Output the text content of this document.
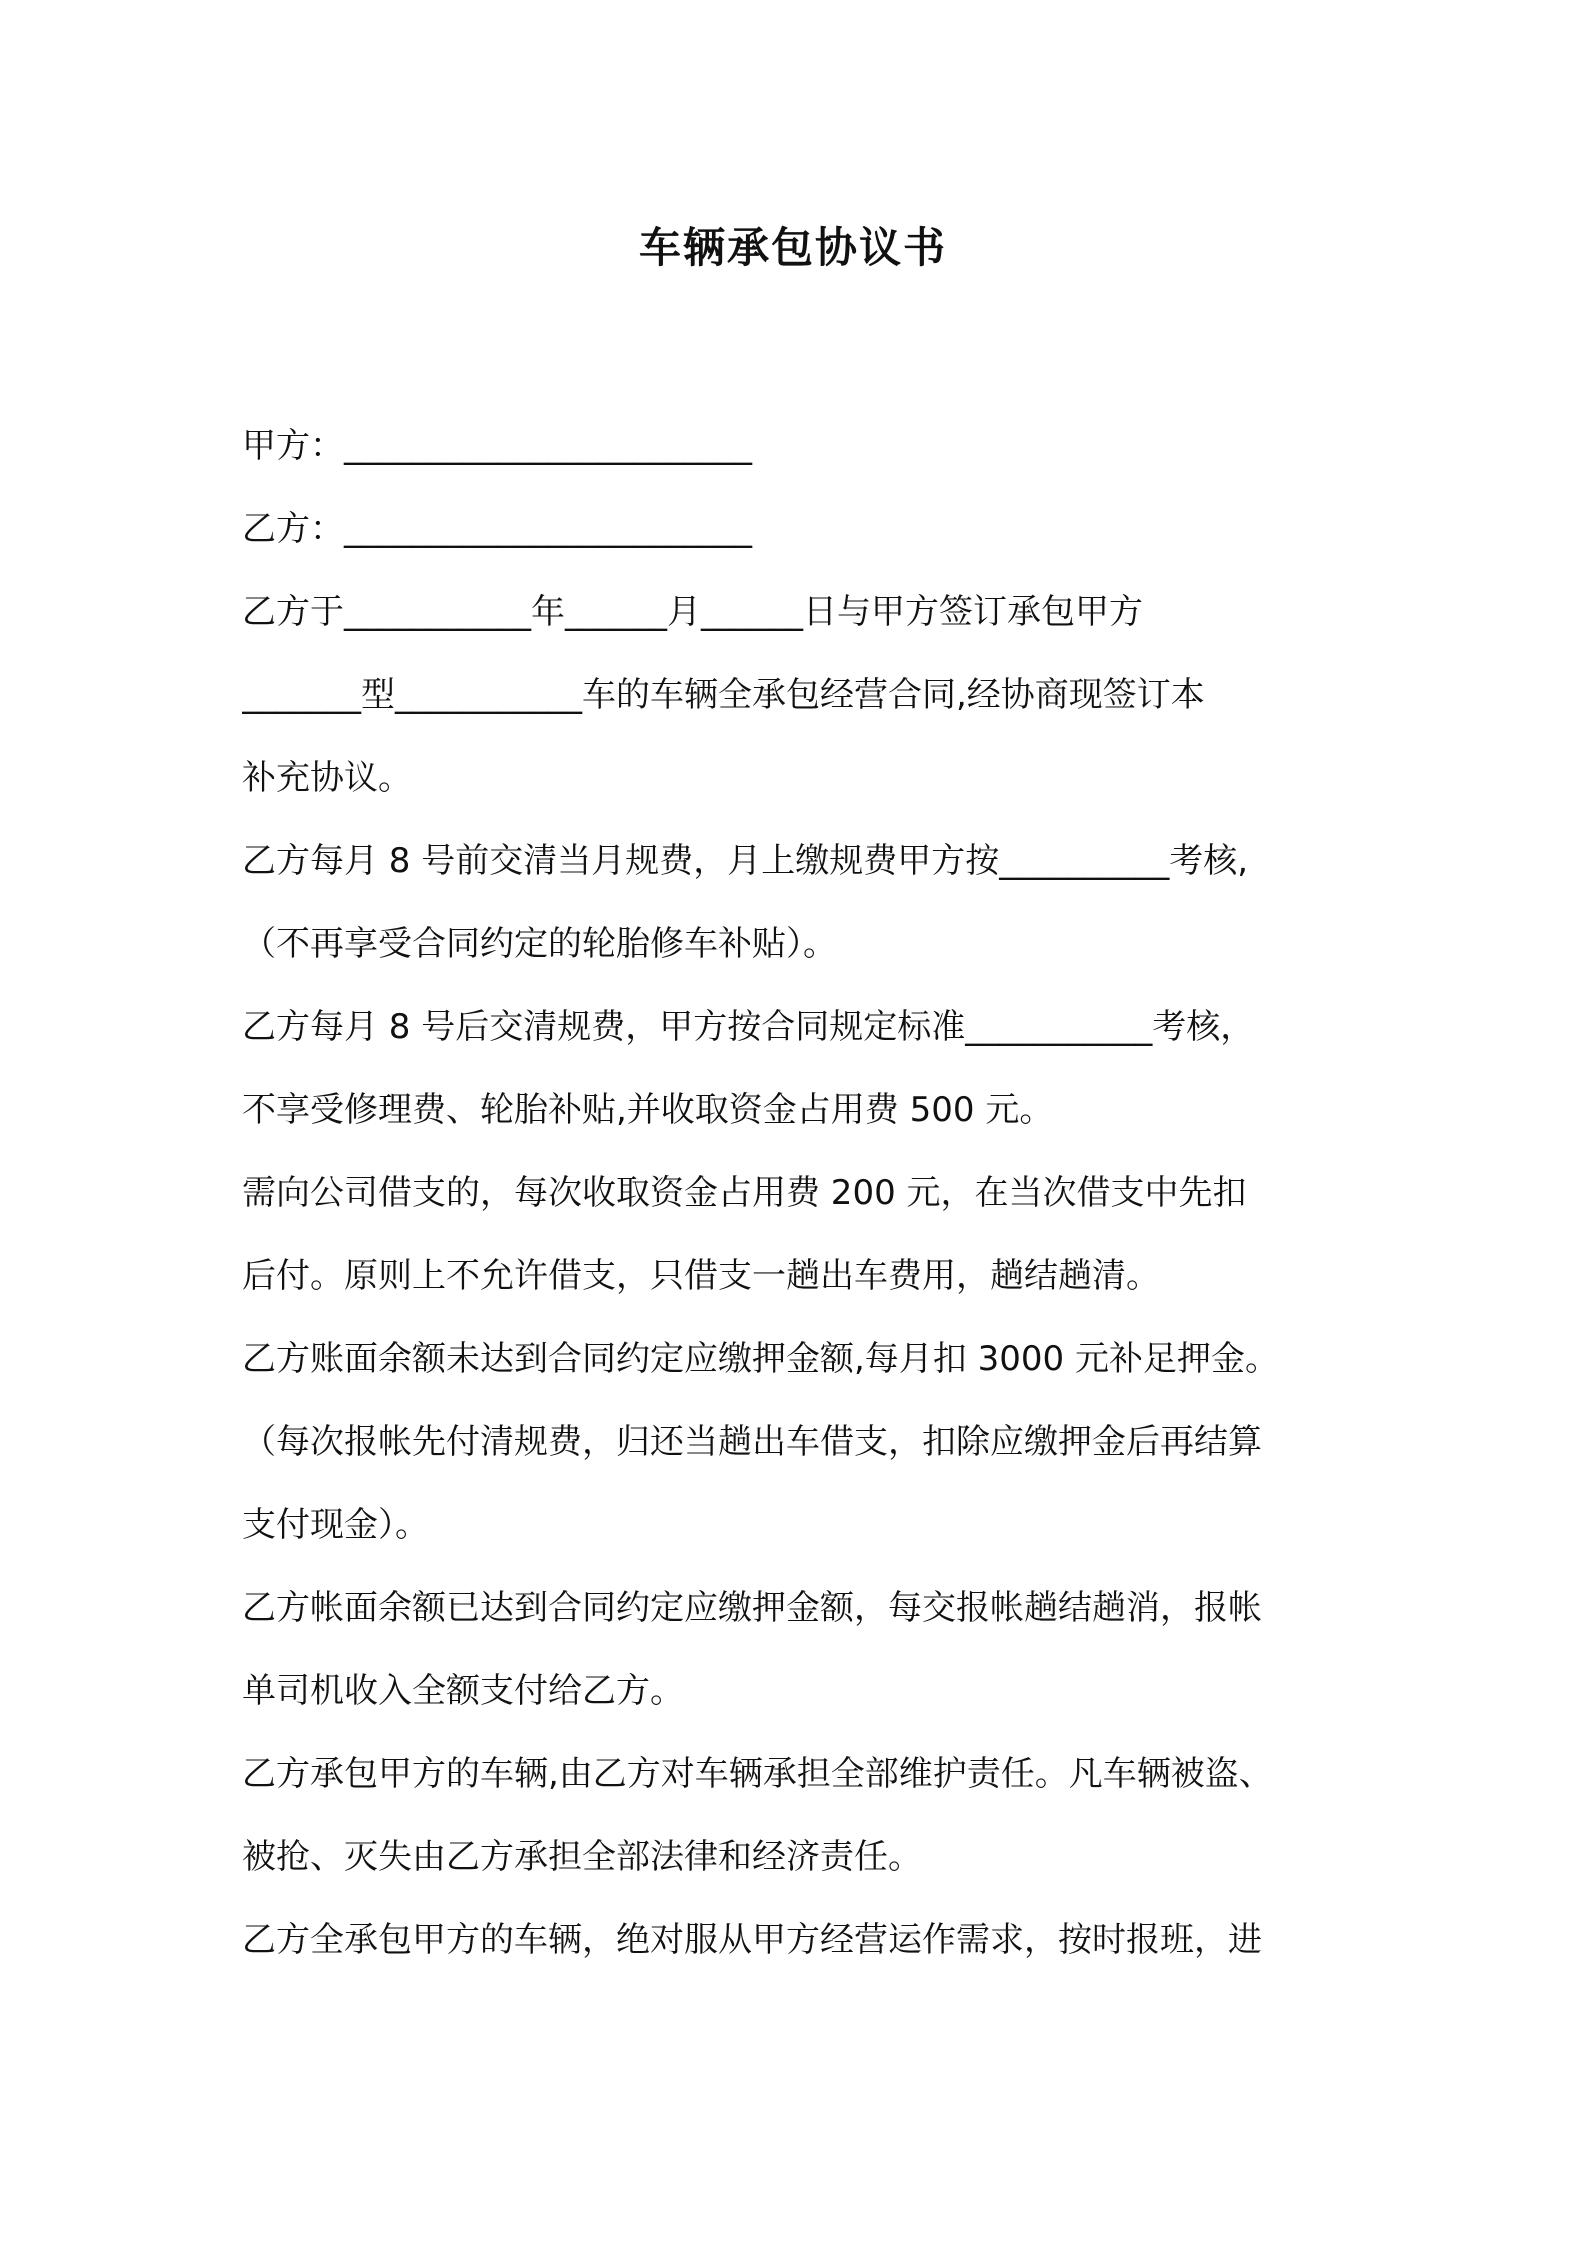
车辆承包协议书
甲方：________________________
乙方：________________________
乙方于___________年______月______日与甲方签订承包甲方
_______型___________车的车辆全承包经营合同,经协商现签订本
补充协议。
乙方每月 8 号前交清当月规费，月上缴规费甲方按__________考核,
（不再享受合同约定的轮胎修车补贴）。
乙方每月 8 号后交清规费，甲方按合同规定标准___________考核，
不享受修理费、轮胎补贴,并收取资金占用费 500 元。
需向公司借支的，每次收取资金占用费 200 元，在当次借支中先扣
后付。原则上不允许借支，只借支一趟出车费用，趟结趟清。
乙方账面余额未达到合同约定应缴押金额,每月扣 3000 元补足押金。
（每次报帐先付清规费，归还当趟出车借支，扣除应缴押金后再结算
支付现金）。
乙方帐面余额已达到合同约定应缴押金额，每交报帐趟结趟消，报帐
单司机收入全额支付给乙方。
乙方承包甲方的车辆,由乙方对车辆承担全部维护责任。凡车辆被盗、
被抢、灭失由乙方承担全部法律和经济责任。
乙方全承包甲方的车辆，绝对服从甲方经营运作需求，按时报班，进
